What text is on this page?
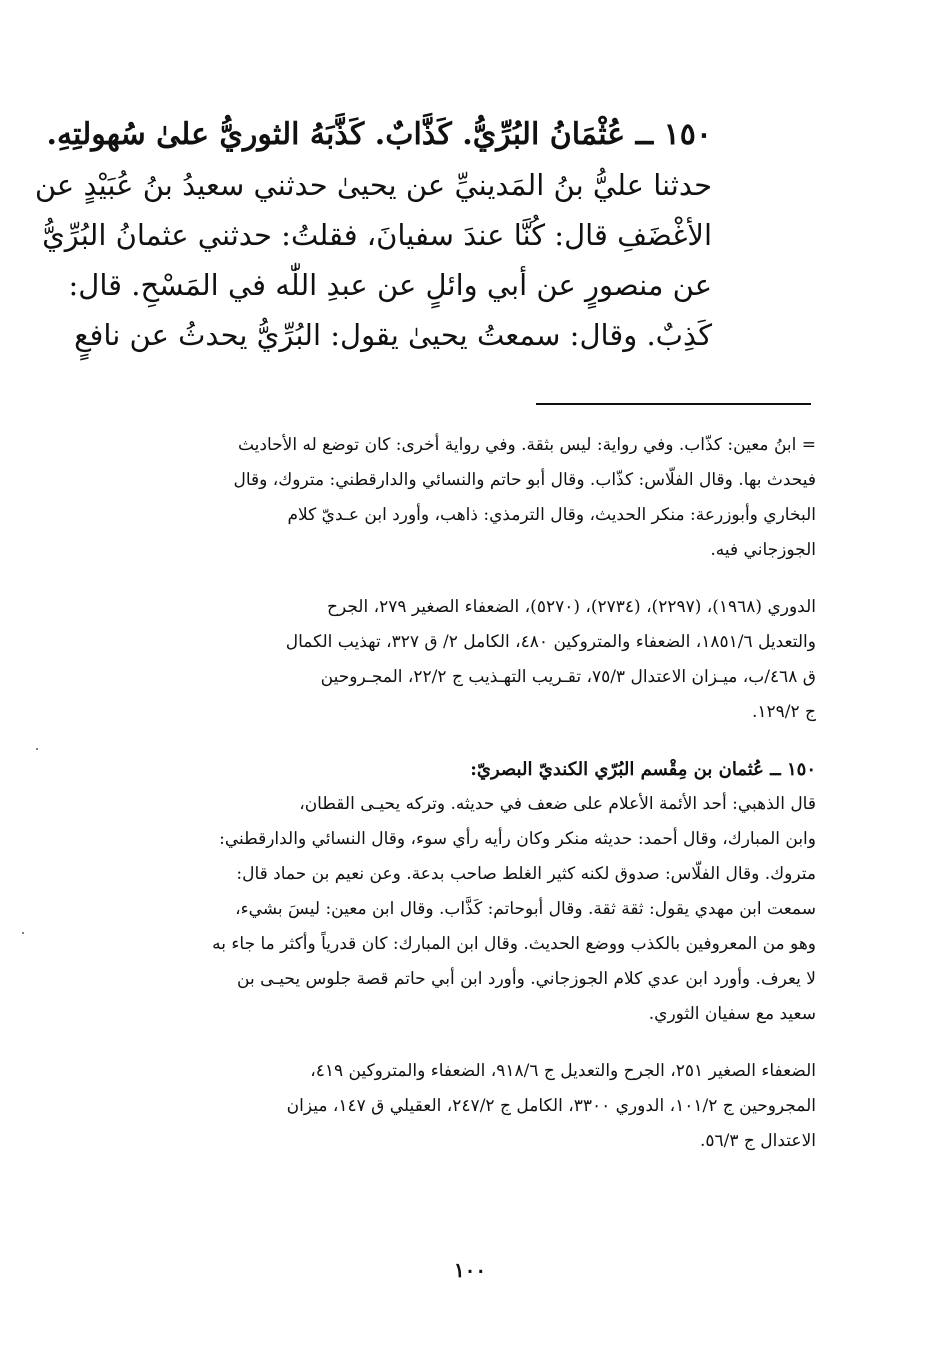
١٥٠ ــ عُثْمَانُ البُرِّيُّ. كَذَّابٌ. كَذَّبَهُ الثوريُّ علىٰ سُهولتِهِ.

حدثنا عليُّ بنُ المَدينيِّ عن يحيىٰ حدثني سعيدُ بنُ عُبَيْدٍ عن

الأغْضَفِ قال: كُنَّا عندَ سفيانَ، فقلتُ: حدثني عثمانُ البُرِّيُّ

عن منصورٍ عن أبي وائلٍ عن عبدِ اللّٰه في المَسْحِ. قال:

كَذِبٌ. وقال: سمعتُ يحيىٰ يقول: البُرِّيُّ يحدثُ عن نافعٍ

= ابنُ معين: كذّاب. وفي رواية: ليس بثقة. وفي رواية أخرى: كان توضع له الأحاديث

فيحدث بها. وقال الفلّاس: كذّاب. وقال أبو حاتم والنسائي والدارقطني: متروك، وقال

البخاري وأبوزرعة: منكر الحديث، وقال الترمذي: ذاهب، وأورد ابن عـديّ كلام

الجوزجاني فيه.

الدوري (١٩٦٨)، (٢٢٩٧)، (٢٧٣٤)، (٥٢٧٠)، الضعفاء الصغير ٢٧٩، الجرح

والتعديل ١٨٥١/٦، الضعفاء والمتروكين ٤٨٠، الكامل ٢/ ق ٣٢٧، تهذيب الكمال

ق ٤٦٨/ب، ميـزان الاعتدال ٧٥/٣، تقـريب التهـذيب ج ٢٢/٢، المجـروحين

ج ١٢٩/٢.

١٥٠ ــ عُثمان بن مِقْسم البُرّي الكنديّ البصريّ:

قال الذهبي: أحد الأئمة الأعلام على ضعف في حديثه. وتركه يحيـى القطان،

وابن المبارك، وقال أحمد: حديثه منكر وكان رأيه رأي سوء، وقال النسائي والدارقطني:

متروك. وقال الفلّاس: صدوق لكنه كثير الغلط صاحب بدعة. وعن نعيم بن حماد قال:

سمعت ابن مهدي يقول: ثقة ثقة. وقال أبوحاتم: كَذَّاب. وقال ابن معين: ليسَ بشيء،

وهو من المعروفين بالكذب ووضع الحديث. وقال ابن المبارك: كان قدرياً وأكثر ما جاء به

لا يعرف. وأورد ابن عدي كلام الجوزجاني. وأورد ابن أبي حاتم قصة جلوس يحيـى بن

سعيد مع سفيان الثوري.

الضعفاء الصغير ٢٥١، الجرح والتعديل ج ٩١٨/٦، الضعفاء والمتروكين ٤١٩،

المجروحين ج ١٠١/٢، الدوري ٣٣٠٠، الكامل ج ٢٤٧/٢، العقيلي ق ١٤٧، ميزان

الاعتدال ج ٥٦/٣.

١٠٠
